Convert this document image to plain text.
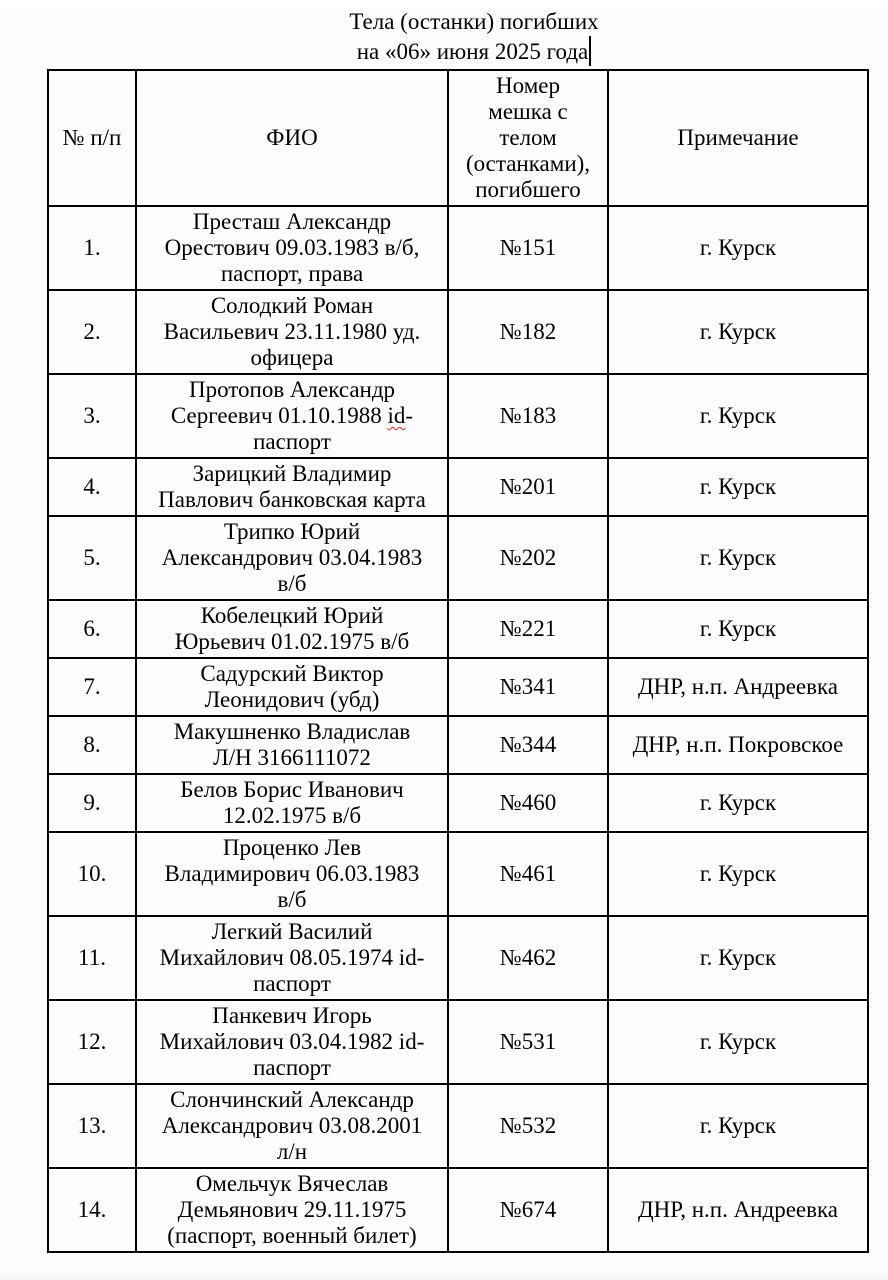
Тела (останки) погибших
на «06» июня 2025 года
№ п/п	ФИО	Номер
мешка с
телом
(останками),
погибшего	Примечание
1.	Престаш Александр
Орестович 09.03.1983 в/б,
паспорт, права	№151	г. Курск
2.	Солодкий Роман
Васильевич 23.11.1980 уд.
офицера	№182	г. Курск
3.	Протопов Александр
Сергеевич 01.10.1988 id-
паспорт	№183	г. Курск
4.	Зарицкий Владимир
Павлович банковская карта	№201	г. Курск
5.	Трипко Юрий
Александрович 03.04.1983
в/б	№202	г. Курск
6.	Кобелецкий Юрий
Юрьевич 01.02.1975 в/б	№221	г. Курск
7.	Садурский Виктор
Леонидович (убд)	№341	ДНР, н.п. Андреевка
8.	Макушненко Владислав
Л/Н 3166111072	№344	ДНР, н.п. Покровское
9.	Белов Борис Иванович
12.02.1975 в/б	№460	г. Курск
10.	Проценко Лев
Владимирович 06.03.1983
в/б	№461	г. Курск
11.	Легкий Василий
Михайлович 08.05.1974 id-
паспорт	№462	г. Курск
12.	Панкевич Игорь
Михайлович 03.04.1982 id-
паспорт	№531	г. Курск
13.	Слончинский Александр
Александрович 03.08.2001
л/н	№532	г. Курск
14.	Омельчук Вячеслав
Демьянович 29.11.1975
(паспорт, военный билет)	№674	ДНР, н.п. Андреевка
